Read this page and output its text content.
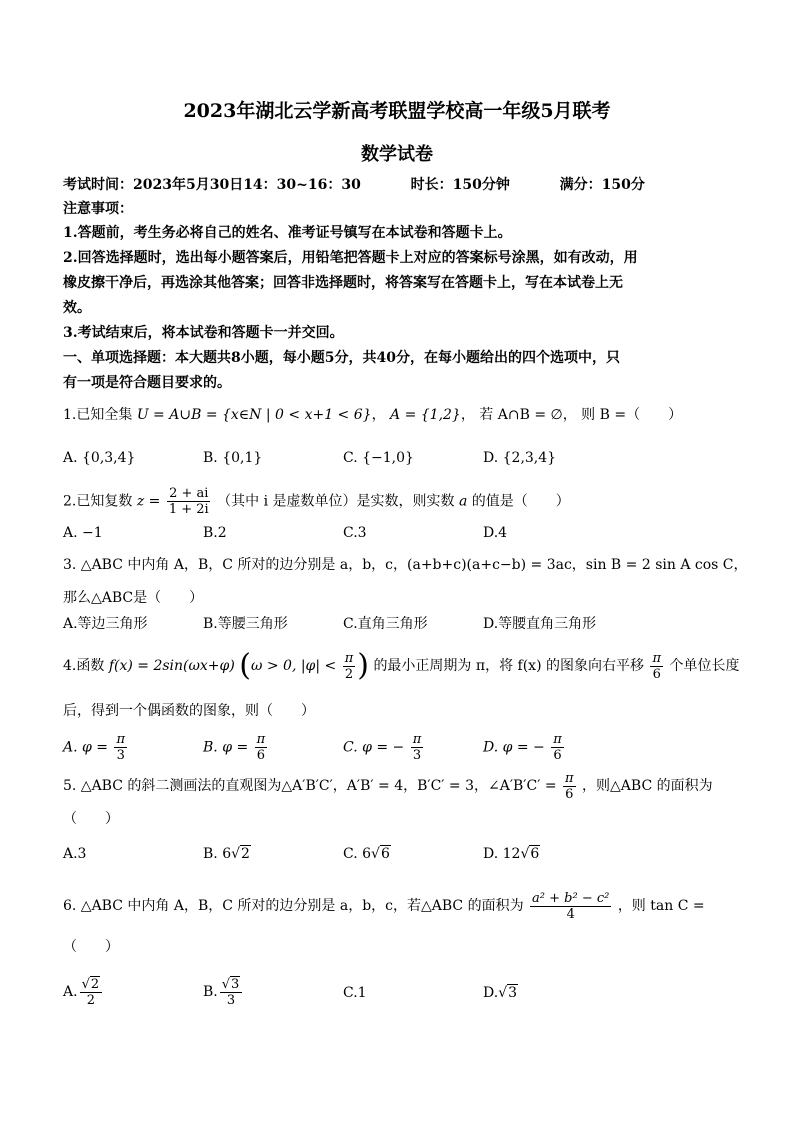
2023年湖北云学新高考联盟学校高一年级5月联考
数学试卷
考试时间：2023年5月30日14：30~16：30	时长：150分钟	满分：150分
注意事项：
1.答题前，考生务必将自己的姓名、准考证号镇写在本试卷和答题卡上。
2.回答选择题时，选出每小题答案后，用铅笔把答题卡上对应的答案标号涂黑，如有改动，用
橡皮擦干净后，再选涂其他答案；回答非选择题时，将答案写在答题卡上，写在本试卷上无
效。
3.考试结束后，将本试卷和答题卡一并交回。
一、单项选择题：本大题共8小题，每小题5分，共40分，在每小题给出的四个选项中，只
有一项是符合题目要求的。
1.已知全集 U = A∪B = {x∈N | 0 < x+1 < 6}， A = {1,2}， 若 A∩B = ∅， 则 B =（　　）
A. {0,3,4}	B. {0,1}	C. {−1,0}	D. {2,3,4}
2.已知复数 $z = \frac{2 + ai}{1 + 2i}$ （其中 i 是虚数单位）是实数，则实数 a 的值是（　　）
A. −1	B.2	C.3	D.4
3. △ABC 中内角 A，B，C 所对的边分别是 a，b，c，(a+b+c)(a+c−b) = 3ac，sin B = 2 sin A cos C，
那么△ABC是（　　）
A.等边三角形	B.等腰三角形	C.直角三角形	D.等腰直角三角形
4.函数 f(x) = 2sin(ωx+φ) (ω > 0, $|\varphi| < \frac{\pi}{2}$ ) 的最小正周期为 π，将 f(x) 的图象向右平移 $\frac{\pi}{6}$ 个单位长度
后，得到一个偶函数的图象，则（　　）
A. $\varphi = \frac{\pi}{3}$	B. $\varphi = \frac{\pi}{6}$	C. φ = − $\frac{\pi}{3}$	D. φ = − $\frac{\pi}{6}$
5. △ABC 的斜二测画法的直观图为△A′B′C′，A′B′ = 4，B′C′ = 3，∠A′B′C′ = $\frac{\pi}{6}$ ，则△ABC 的面积为
（　　）
A.3	B. 6√2	C. 6√6	D. 12√6
6. △ABC 中内角 A，B，C 所对的边分别是 a，b，c，若△ABC 的面积为 $\frac{\text{a² + b² − c²}}{4}$ ，则 tan C =
（　　）
A. $\frac{√2}{2}$	B. $\frac{√3}{3}$	C.1	D.√3
